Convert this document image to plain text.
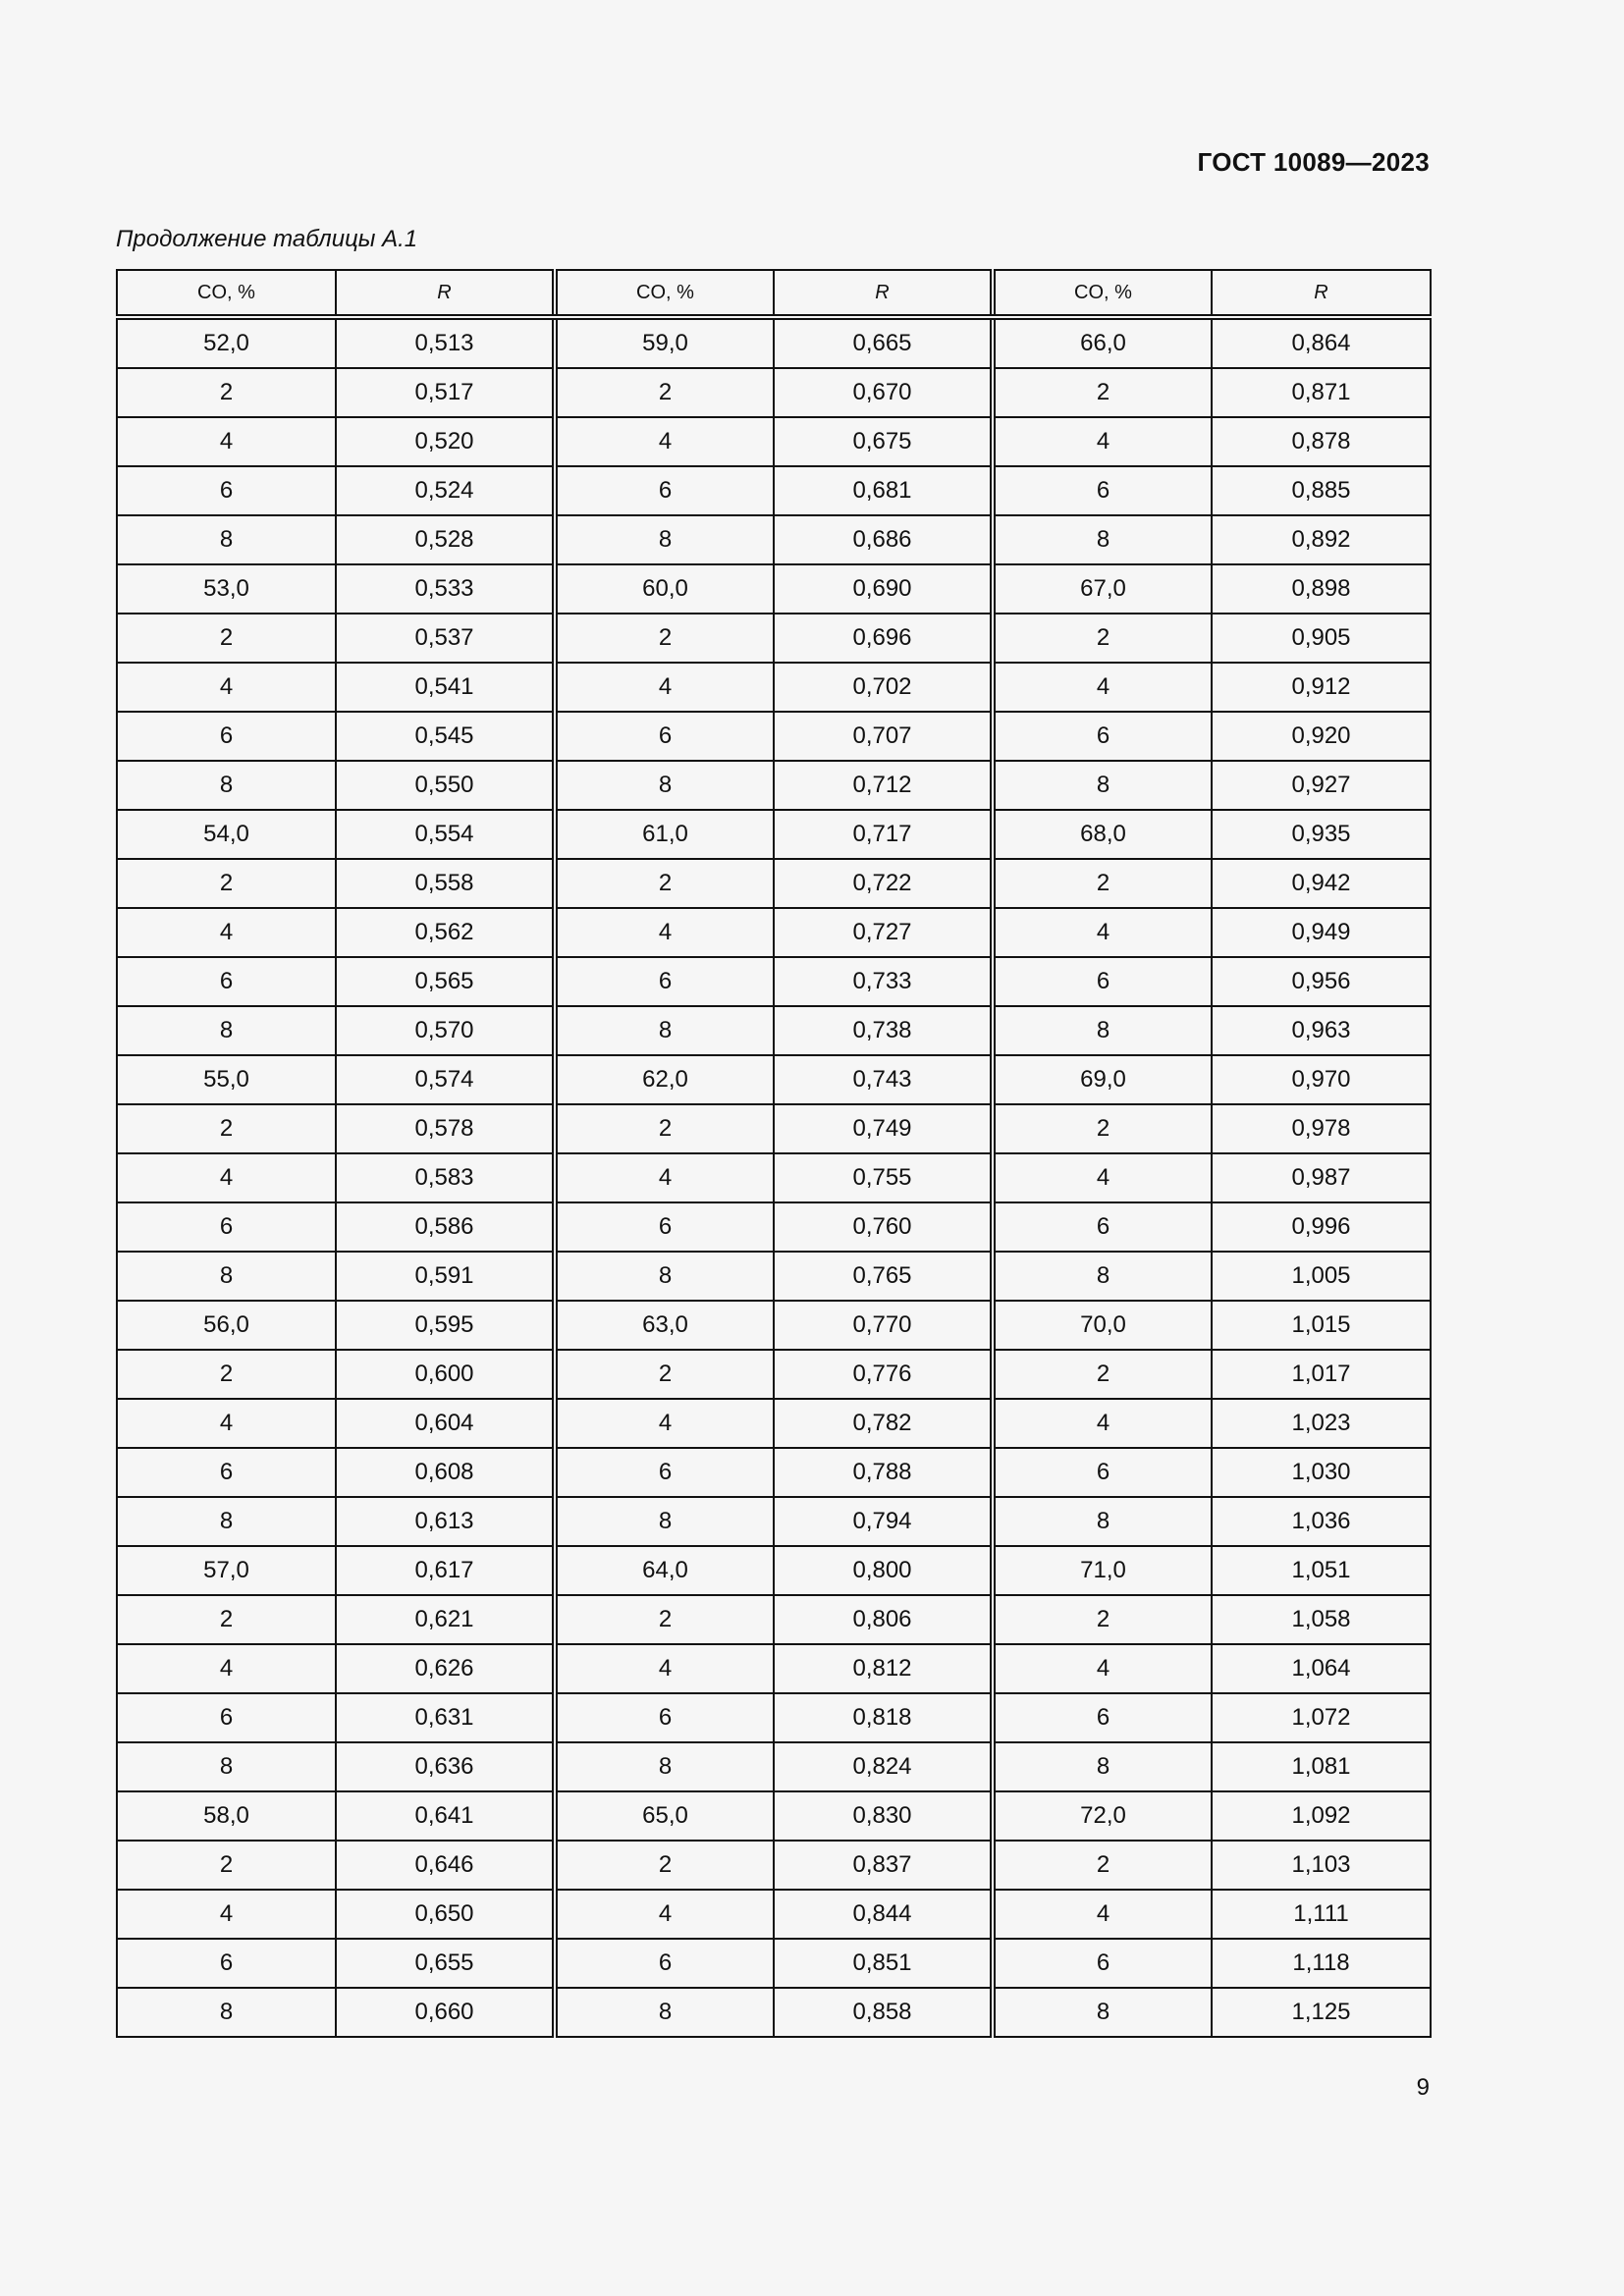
ГОСТ 10089—2023
Продолжение таблицы А.1
CO, %	R	CO, %	R	CO, %	R
52,0	0,513	59,0	0,665	66,0	0,864
2	0,517	2	0,670	2	0,871
4	0,520	4	0,675	4	0,878
6	0,524	6	0,681	6	0,885
8	0,528	8	0,686	8	0,892
53,0	0,533	60,0	0,690	67,0	0,898
2	0,537	2	0,696	2	0,905
4	0,541	4	0,702	4	0,912
6	0,545	6	0,707	6	0,920
8	0,550	8	0,712	8	0,927
54,0	0,554	61,0	0,717	68,0	0,935
2	0,558	2	0,722	2	0,942
4	0,562	4	0,727	4	0,949
6	0,565	6	0,733	6	0,956
8	0,570	8	0,738	8	0,963
55,0	0,574	62,0	0,743	69,0	0,970
2	0,578	2	0,749	2	0,978
4	0,583	4	0,755	4	0,987
6	0,586	6	0,760	6	0,996
8	0,591	8	0,765	8	1,005
56,0	0,595	63,0	0,770	70,0	1,015
2	0,600	2	0,776	2	1,017
4	0,604	4	0,782	4	1,023
6	0,608	6	0,788	6	1,030
8	0,613	8	0,794	8	1,036
57,0	0,617	64,0	0,800	71,0	1,051
2	0,621	2	0,806	2	1,058
4	0,626	4	0,812	4	1,064
6	0,631	6	0,818	6	1,072
8	0,636	8	0,824	8	1,081
58,0	0,641	65,0	0,830	72,0	1,092
2	0,646	2	0,837	2	1,103
4	0,650	4	0,844	4	1,111
6	0,655	6	0,851	6	1,118
8	0,660	8	0,858	8	1,125
9
